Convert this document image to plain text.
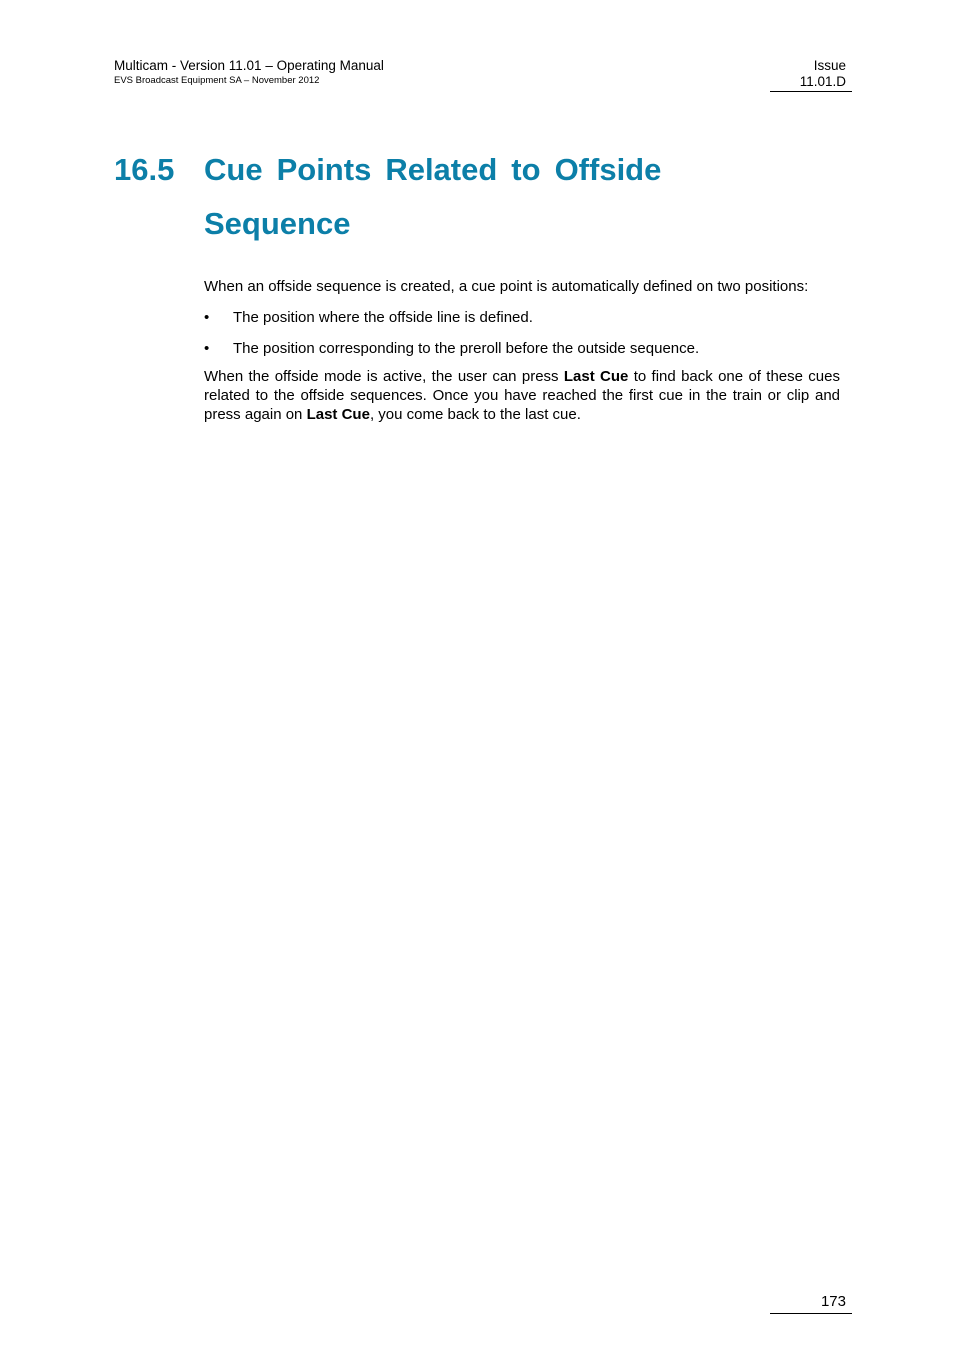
Multicam - Version 11.01 – Operating Manual
EVS Broadcast Equipment SA – November 2012
Issue
11.01.D
16.5 Cue Points Related to Offside
Sequence

When an offside sequence is created, a cue point is automatically defined on two positions:

• The position where the offside line is defined.
• The position corresponding to the preroll before the outside sequence.

When the offside mode is active, the user can press Last Cue to find back one of these cues related to the offside sequences. Once you have reached the first cue in the train or clip and press again on Last Cue, you come back to the last cue.

173
